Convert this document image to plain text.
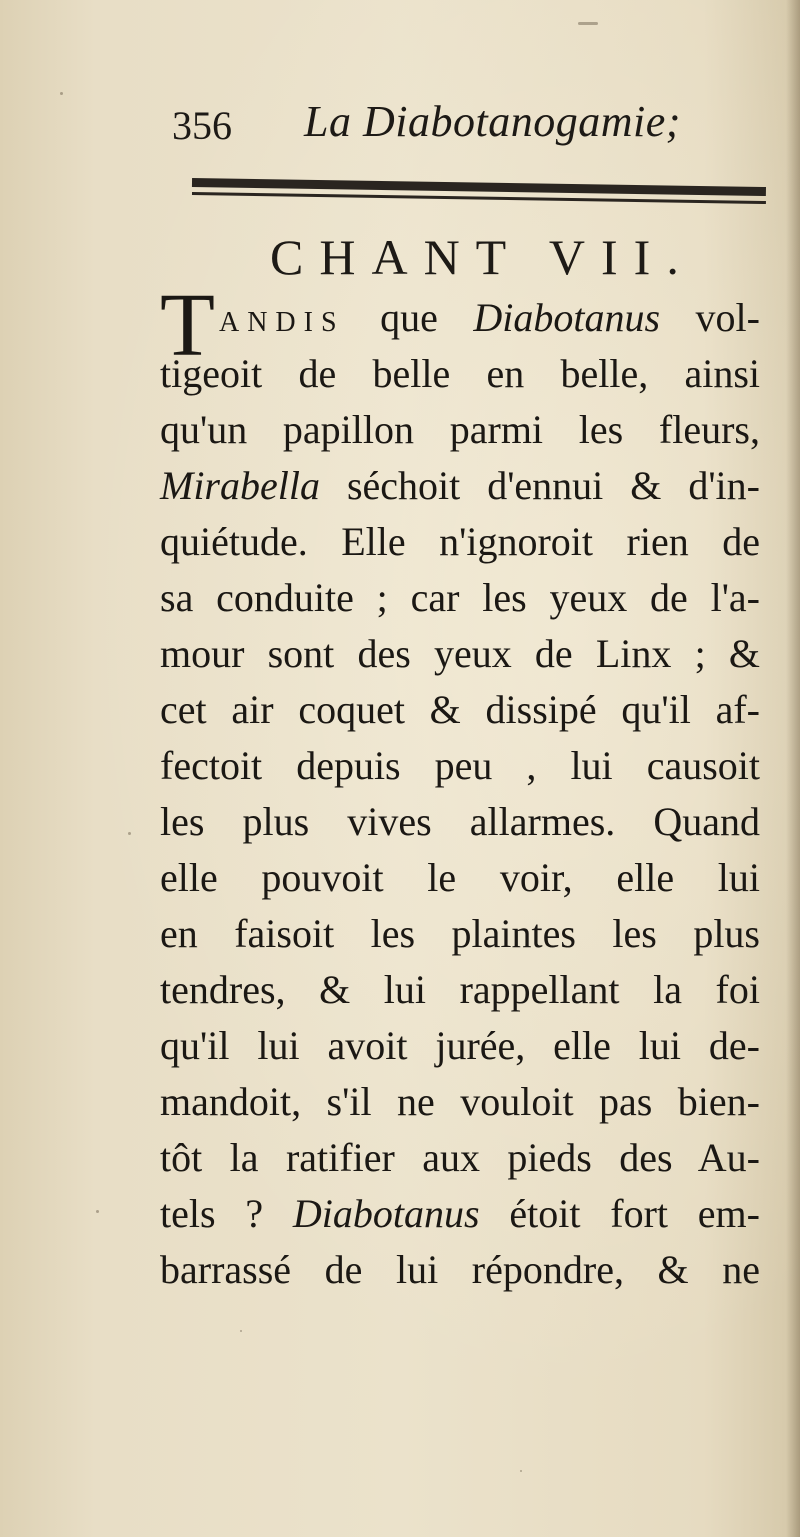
356 La Diabotanogamie;
CHANT VII.
TANDIS que Diabotanus vol-
tigeoit de belle en belle, ainsi
qu'un papillon parmi les fleurs,
Mirabella séchoit d'ennui & d'in-
quiétude. Elle n'ignoroit rien de
sa conduite ; car les yeux de l'a-
mour sont des yeux de Linx ; &
cet air coquet & dissipé qu'il af-
fectoit depuis peu , lui causoit
les plus vives allarmes. Quand
elle pouvoit le voir, elle lui
en faisoit les plaintes les plus
tendres, & lui rappellant la foi
qu'il lui avoit jurée, elle lui de-
mandoit, s'il ne vouloit pas bien-
tôt la ratifier aux pieds des Au-
tels ? Diabotanus étoit fort em-
barrassé de lui répondre, & ne
